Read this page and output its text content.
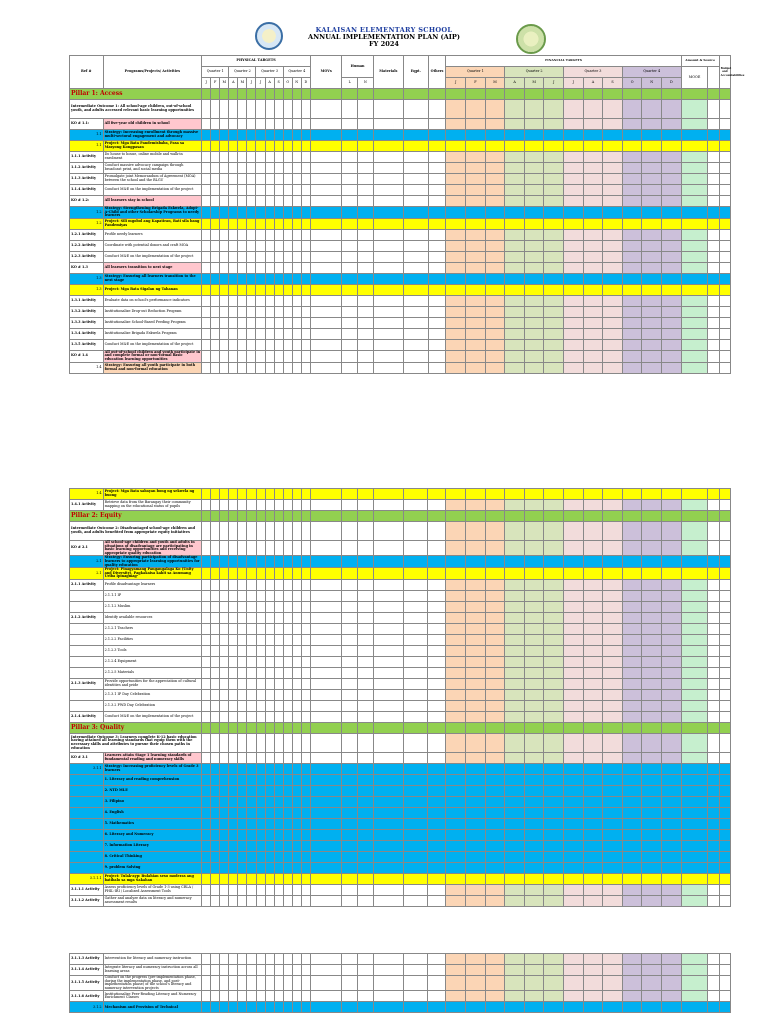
KALAISAN ELEMENTARY SCHOOL
ANNUAL IMPLEMENTATION PLAN (AIP)
FY 2024
Ref #	Programs/Projects/ Activities	PHYSICAL TARGETS												MOVs	Human		Materials	Eqpt.	Others	FINANCIAL TARGETS												Amount & Source		Budget and Accountabilities
		Quarter 1			Quarter 2			Quarter 3			Quarter 4									Quarter 1			Quarter 2			Quarter 3			Quarter 4			MOOE		
		J	F	M	A	M	J	J	A	S	O	N	D		L	N				J	F	M	A	M	J	J	A	S	O	N	D			
Pillar 1: Access																																		
Intermediate Outcome 1: All school-age children, out-of-school youth, and adults accessed relevant basic learning opportunities																																		
KO # 1.1:	All five-year old children in school																																	
1.1	Strategy: Increasing enrollment through massive multi-sectoral engagement and advocacy																																	
1.1	Project: Mga Bata Pandemisbaba, Pasa sa Masyong Kongpasan																																	
1.1.1 Activity	Do house to house, online mobile and walk-in enrolment																																	
1.1.2 Activity	Conduct massive advocacy campaign through broadcast print, and social media																																	
1.1.3 Activity	Promulgate joint Memorandum of Agreement (MOA) between the school and the BLGU																																	
1.1.4 Activity	Conduct M&E on the implementation of the project																																	
KO # 1.2:	All learners stay in school																																	
1.2	Strategy: Strengthening Brigada Eskwela, Adopt-A-Child and other Scholarship Programs to needy learners																																	
1.2	Project: Sili mgobol ang Kapatiran, Bati sila bang Pandemiyas																																	
1.2.1 Activity	Profile needy learners																																	
1.2.2 Activity	Coordinate with potential donors and craft MOA																																	
1.2.3 Activity	Conduct M&E on the implementation of the project																																	
KO # 1.3	All learners transition to next stage																																	
1.3	Strategy: Ensuring all learners transition to the next stage																																	
1.3	Project: Mga Bata Sigalan ng Tahanan																																	
1.3.1 Activity	Evaluate data on school's performance indicators																																	
1.3.2 Activity	Institutionalize Drop-out Reduction Program																																	
1.3.3 Activity	Institutionalize School-Based Feeding Program																																	
1.3.4 Activity	Institutionalize Brigada Eskwela Program																																	
1.3.5 Activity	Conduct M&E on the implementation of the project																																	
KO # 1.4	All out-of-school children and youth participate in and complete formal or non-formal basic education learning opportunities																																	
1.4	Strategy: Ensuring all youth participate in both formal and non-formal education																																	
1.4	Project: Mga Bata sabayan bong ng sekwela ng buong																																	
1.4.1 Activity	Retrieve data from the Barangay their community mapping on the educational status of pupils																																	
Pillar 2: Equity																																		
Intermediate Outcome 2: Disadvantaged school-age children and youth, and adults benefited from appropriate equity initiatives																																		
KO # 2.1	All school-age children and youth and adults in situations of disadvantage are participating in basic learning opportunities and receiving appropriate quality education																																	
2.1	Strategy: Ensuring participation of disadvantage learners to appropriate learning opportunities for quality education																																	
2.1	Project: Pinagyamang Pangangalaga Ko (Unity and Diversity), Pagkakaisa kahit sa Anumang Uriba Ipinagmag-																																	
2.1.1 Activity	Profile disadvantage learners																																	
	2.1.1.1 IP																																	
	2.1.1.2 Muslim																																	
2.1.2 Activity	Identify available resources																																	
	2.1.2.1 Teachers																																	
	2.1.2.2 Facilities																																	
	2.1.2.3 Tools																																	
	2.1.2.4 Equipment																																	
	2.1.2.5 Materials																																	
2.1.3 Activity	Provide opportunities for the appreciation of cultural identities and pride																																	
	2.1.3.1 IP Day Celebration																																	
	2.1.3.2 PWD Day Celebration																																	
2.1.4 Activity	Conduct M&E on the implementation of the project																																	
Pillar 3: Quality																																		
Intermediate Outcome 3: Learners complete K-12 basic education having attained all learning standards that equip them with the necessary skills and attributes to pursue their chosen paths in education																																		
KO # 3.1	Learners attain Stage 1 learning standards of fundamental reading and numeracy skills																																	
3.1.1	Strategy: Increasing proficiency levels of Grade 3 learners																																	
	1. Literacy and reading comprehension																																	
	2. NTD MLE																																	
	3. Filipino																																	
	4. English																																	
	5. Mathematics																																	
	6. Literacy and Numeracy																																	
	7. Information Literacy																																	
	8. Critical Thinking																																	
	9. problem Solving																																	
3.1.1.1	Project: Tulak-ayp: Bulahian sexo moderas ang batibalo sa mga Sakahan																																	
3.1.1.1 Activity	Assess proficiency levels of Grade 1-3 using CRLA / PHIL-IRI / Localized Assessment Tools																																	
3.1.1.2 Activity	Gather and analyze data on literacy and numeracy assessment results																																	
3.1.1.3 Activity	Intervention for literacy and numeracy instruction																																	
3.1.1.4 Activity	Integrate literacy and numeracy instruction across all learning areas																																	
3.1.1.5 Activity	Conduct on the progress (pre-implementation phase, during the implementation phase, and post-implementation phase) of the school's literacy and numeracy intervention projects																																	
3.1.1.6 Activity	Institutionalize Peer-Reading Literacy and Numeracy Enrichment Classes																																	
3.1.2	Mechanism and Provision of Technical																																	
